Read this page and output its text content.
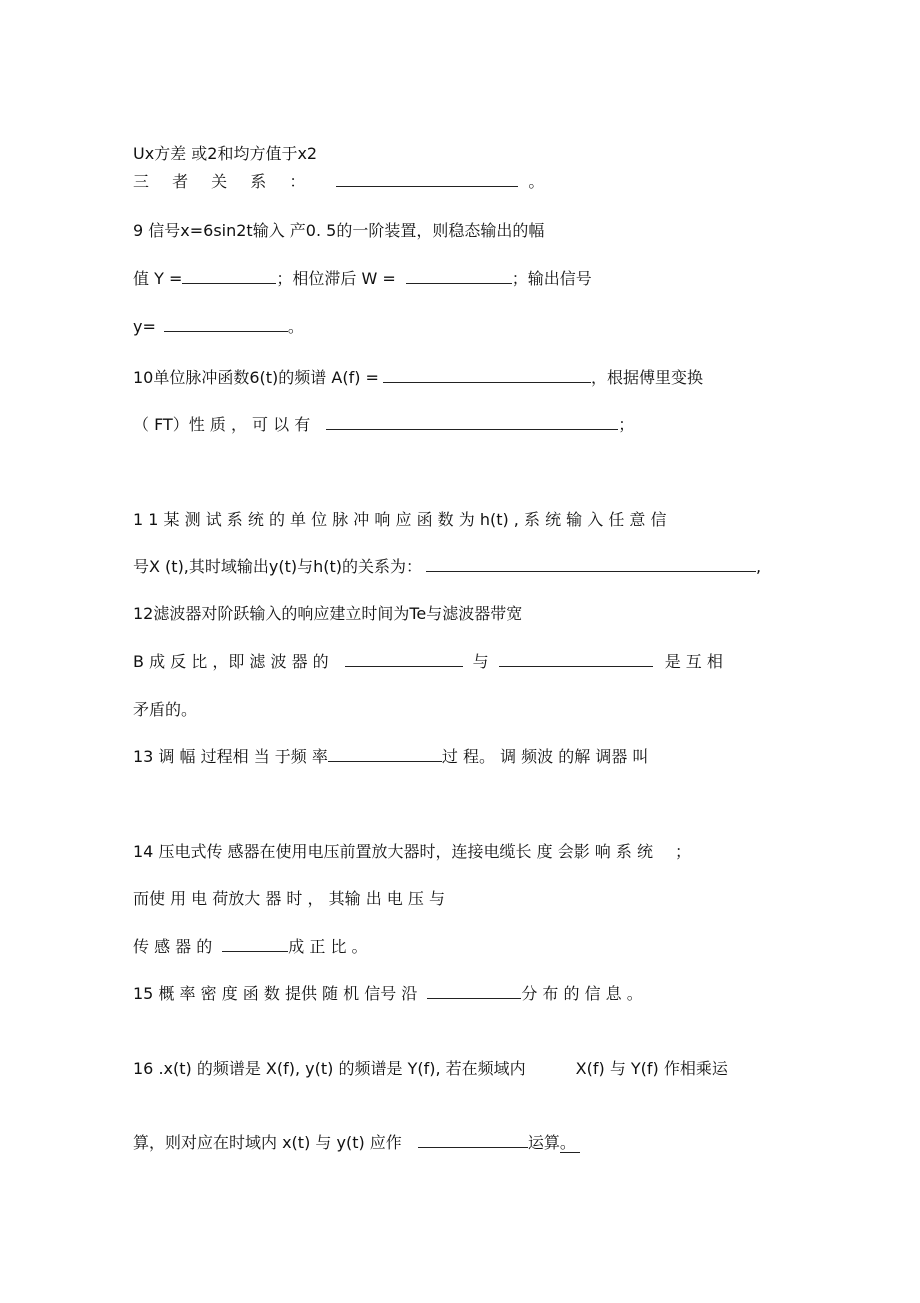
Ux方差 或2和均方值于x2
三 者 关 系 ：	。
9 信号x=6sin2t输入 产0. 5的一阶装置，则稳态输出的幅
值 Y =	；相位滞后 W =	；输出信号
y=	。
10单位脉冲函数6(t)的频谱 A(f) =	，根据傅里变换
（ FT）性 质 ， 可 以 有	；
1 1 某 测 试 系 统 的 单 位 脉 冲 响 应 函 数 为 h(t) , 系 统 输 入 任 意 信
号X (t),其时域输出y(t)与h(t)的关系为：	,
12滤波器对阶跃输入的响应建立时间为Te与滤波器带宽
B 成 反 比 ，即 滤 波 器 的	与	是 互 相
矛盾的。
13 调 幅 过程相 当 于频 率	过 程。 调 频波 的解 调器 叫
14 压电式传 感器在使用电压前置放大器时，连接电缆长 度 会影 响 系 统 ；
而使 用 电 荷放大 器 时 ， 其输 出 电 压 与
传 感 器 的	成 正 比 。
15 概 率 密 度 函 数 提供 随 机 信号 沿	分 布 的 信 息 。
16 .x(t) 的频谱是 X(f), y(t) 的频谱是 Y(f), 若在频域内	X(f) 与 Y(f) 作相乘运
算，则对应在时域内 x(t) 与 y(t) 应作	运算。
